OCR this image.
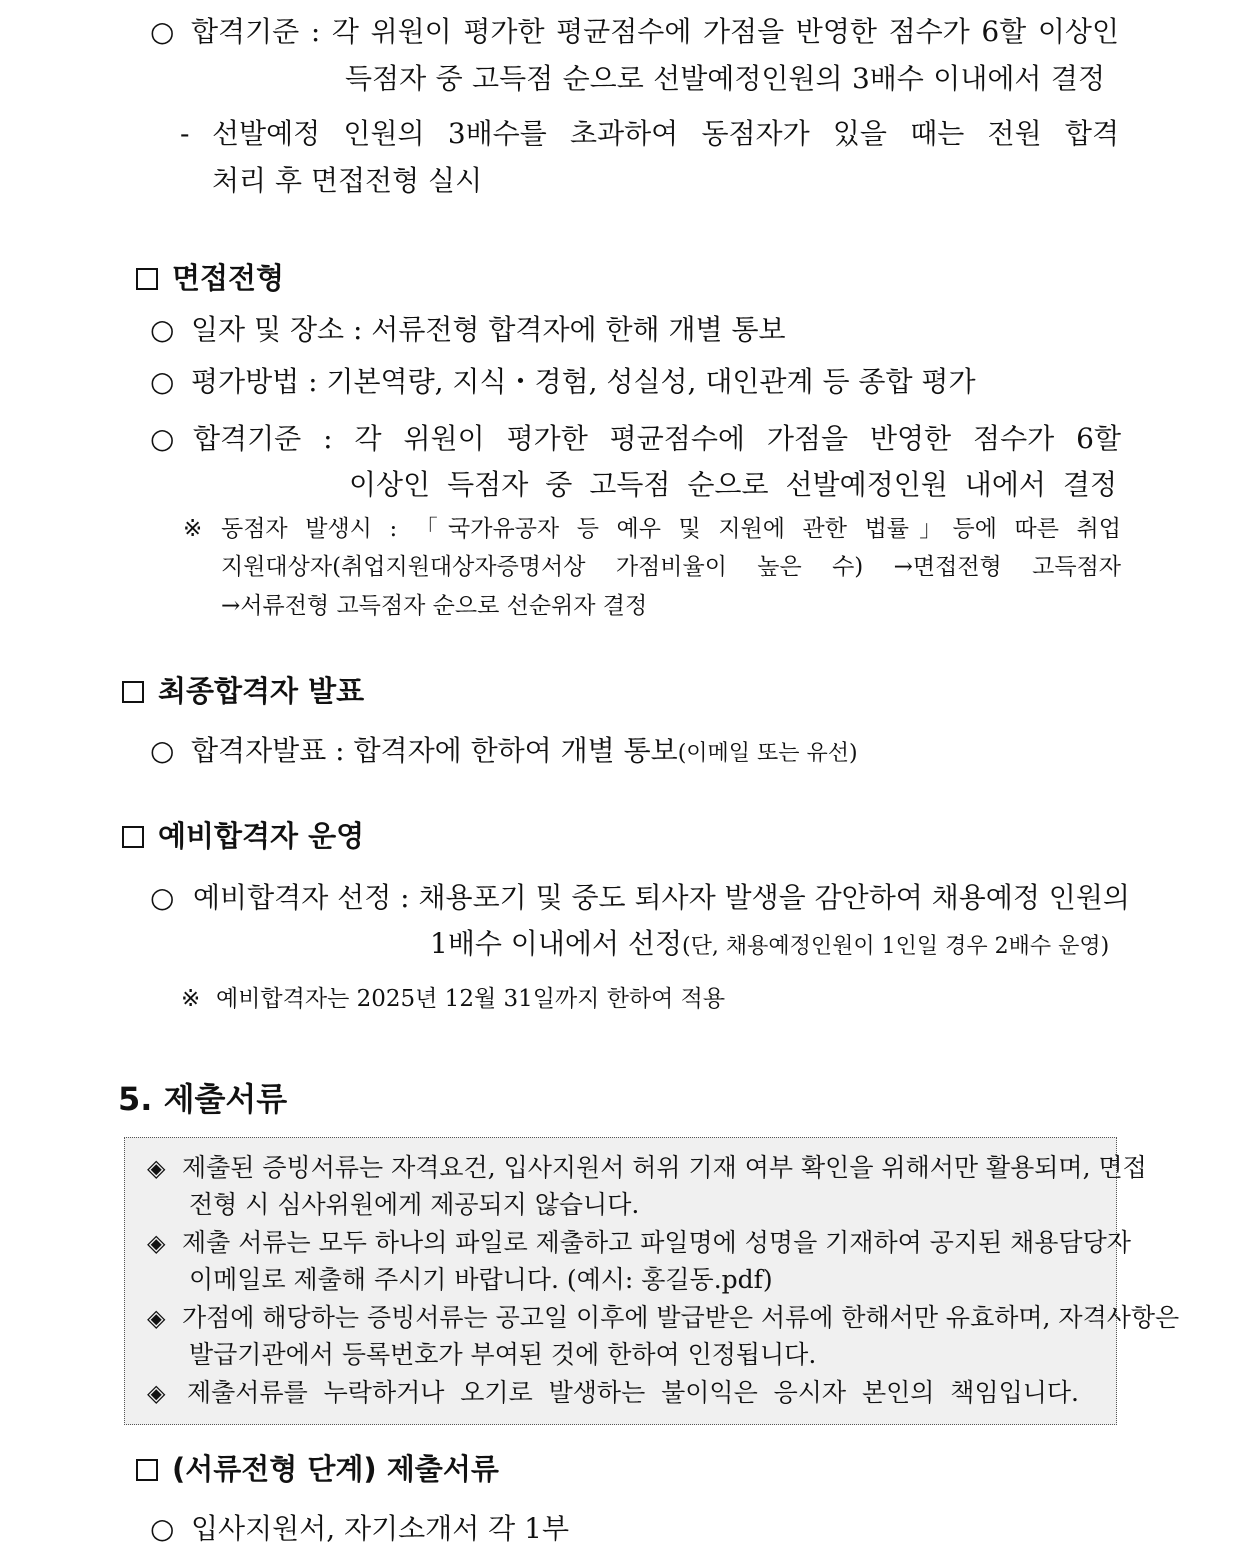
○ 합격기준 : 각 위원이 평가한 평균점수에 가점을 반영한 점수가 6할 이상인
득점자 중 고득점 순으로 선발예정인원의 3배수 이내에서 결정
- 선발예정 인원의 3배수를 초과하여 동점자가 있을 때는 전원 합격
처리 후 면접전형 실시
면접전형
○ 일자 및 장소 : 서류전형 합격자에 한해 개별 통보
○ 평가방법 : 기본역량, 지식・경험, 성실성, 대인관계 등 종합 평가
○ 합격기준 : 각 위원이 평가한 평균점수에 가점을 반영한 점수가 6할
이상인 득점자 중 고득점 순으로 선발예정인원 내에서 결정
※ 동점자 발생시 : 「국가유공자 등 예우 및 지원에 관한 법률」등에 따른 취업
지원대상자(취업지원대상자증명서상 가점비율이 높은 수) →면접전형 고득점자
→서류전형 고득점자 순으로 선순위자 결정
최종합격자 발표
○ 합격자발표 : 합격자에 한하여 개별 통보(이메일 또는 유선)
예비합격자 운영
○ 예비합격자 선정 : 채용포기 및 중도 퇴사자 발생을 감안하여 채용예정 인원의
1배수 이내에서 선정(단, 채용예정인원이 1인일 경우 2배수 운영)
※ 예비합격자는 2025년 12월 31일까지 한하여 적용
5. 제출서류
◈ 제출된 증빙서류는 자격요건, 입사지원서 허위 기재 여부 확인을 위해서만 활용되며, 면접
전형 시 심사위원에게 제공되지 않습니다.
◈ 제출 서류는 모두 하나의 파일로 제출하고 파일명에 성명을 기재하여 공지된 채용담당자
이메일로 제출해 주시기 바랍니다. (예시: 홍길동.pdf)
◈ 가점에 해당하는 증빙서류는 공고일 이후에 발급받은 서류에 한해서만 유효하며, 자격사항은
발급기관에서 등록번호가 부여된 것에 한하여 인정됩니다.
◈ 제출서류를 누락하거나 오기로 발생하는 불이익은 응시자 본인의 책임입니다.
(서류전형 단계) 제출서류
○ 입사지원서, 자기소개서 각 1부
